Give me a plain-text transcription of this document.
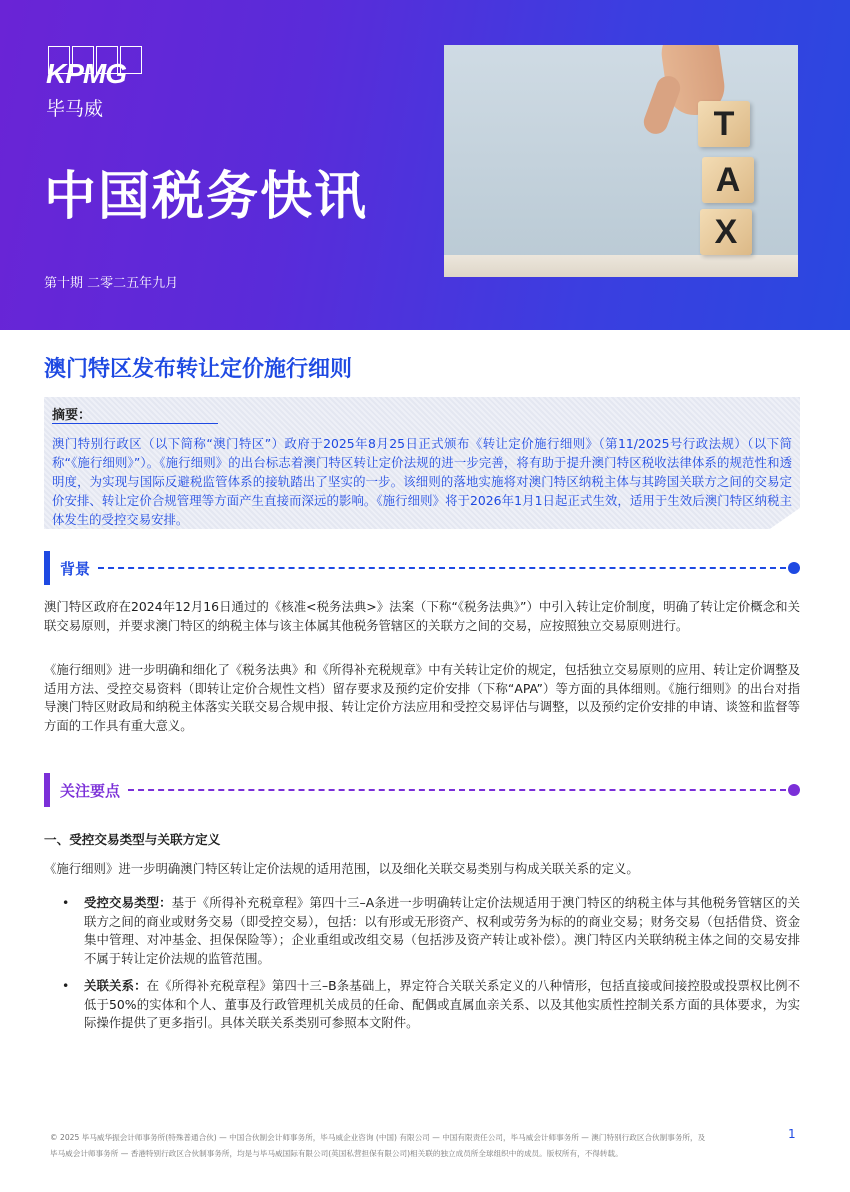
KPMG
毕马威
中国税务快讯
第十期 二零二五年九月
T
A
X
澳门特区发布转让定价施行细则
摘要：
澳门特别行政区（以下简称“澳门特区”）政府于2025年8月25日正式颁布《转让定价施行细则》（第11/2025号行政法规）（以下简称“《施行细则》”）。《施行细则》的出台标志着澳门特区转让定价法规的进一步完善，将有助于提升澳门特区税收法律体系的规范性和透明度，为实现与国际反避税监管体系的接轨踏出了坚实的一步。该细则的落地实施将对澳门特区纳税主体与其跨国关联方之间的交易定价安排、转让定价合规管理等方面产生直接而深远的影响。《施行细则》将于2026年1月1日起正式生效，适用于生效后澳门特区纳税主体发生的受控交易安排。
背景
澳门特区政府在2024年12月16日通过的《核准<税务法典>》法案（下称“《税务法典》”）中引入转让定价制度，明确了转让定价概念和关联交易原则，并要求澳门特区的纳税主体与该主体属其他税务管辖区的关联方之间的交易，应按照独立交易原则进行。
《施行细则》进一步明确和细化了《税务法典》和《所得补充税规章》中有关转让定价的规定，包括独立交易原则的应用、转让定价调整及适用方法、受控交易资料（即转让定价合规性文档）留存要求及预约定价安排（下称“APA”）等方面的具体细则。《施行细则》的出台对指导澳门特区财政局和纳税主体落实关联交易合规申报、转让定价方法应用和受控交易评估与调整，以及预约定价安排的申请、谈签和监督等方面的工作具有重大意义。
关注要点
一、受控交易类型与关联方定义
《施行细则》进一步明确澳门特区转让定价法规的适用范围，以及细化关联交易类别与构成关联关系的定义。
• 受控交易类型：基于《所得补充税章程》第四十三–A条进一步明确转让定价法规适用于澳门特区的纳税主体与其他税务管辖区的关联方之间的商业或财务交易（即受控交易），包括：以有形或无形资产、权利或劳务为标的的商业交易；财务交易（包括借贷、资金集中管理、对冲基金、担保保险等）；企业重组或改组交易（包括涉及资产转让或补偿）。澳门特区内关联纳税主体之间的交易安排不属于转让定价法规的监管范围。
• 关联关系：在《所得补充税章程》第四十三–B条基础上，界定符合关联关系定义的八种情形，包括直接或间接控股或投票权比例不低于50%的实体和个人、董事及行政管理机关成员的任命、配偶或直属血亲关系、以及其他实质性控制关系方面的具体要求，为实际操作提供了更多指引。具体关联关系类别可参照本文附件。
© 2025 毕马威华振会计师事务所(特殊普通合伙) — 中国合伙制会计师事务所，毕马威企业咨询 (中国) 有限公司 — 中国有限责任公司，毕马威会计师事务所 — 澳门特别行政区合伙制事务所，及
毕马威会计师事务所 — 香港特别行政区合伙制事务所，均是与毕马威国际有限公司(英国私营担保有限公司)相关联的独立成员所全球组织中的成员。版权所有，不得转载。
1
